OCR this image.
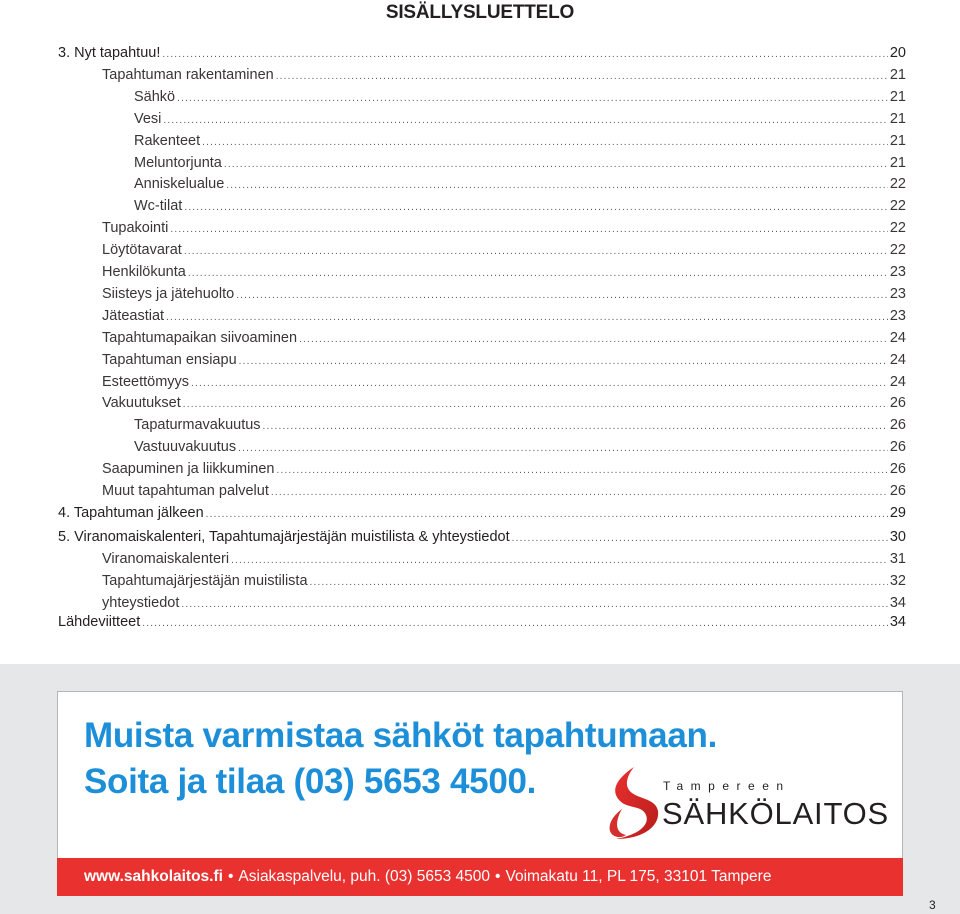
SISÄLLYSLUETTELO
3. Nyt tapahtuu! .....	20
Tapahtuman rakentaminen .....	21
Sähkö .....	21
Vesi .....	21
Rakenteet .....	21
Meluntorjunta .....	21
Anniskelualue .....	22
Wc-tilat .....	22
Tupakointi .....	22
Löytötavarat .....	22
Henkilökunta .....	23
Siisteys ja jätehuolto .....	23
Jäteastiat .....	23
Tapahtumapaikan siivoaminen .....	24
Tapahtuman ensiapu .....	24
Esteettömyys .....	24
Vakuutukset .....	26
Tapaturmavakuutus .....	26
Vastuuvakuutus .....	26
Saapuminen ja liikkuminen .....	26
Muut tapahtuman palvelut .....	26
4. Tapahtuman jälkeen .....	29
5. Viranomaiskalenteri, Tapahtumajärjestäjän muistilista & yhteystiedot .....	30
Viranomaiskalenteri .....	31
Tapahtumajärjestäjän muistilista .....	32
yhteystiedot .....	34
Lähdeviitteet .....	34
Muista varmistaa sähköt tapahtumaan.
Soita ja tilaa (03) 5653 4500.	Tampereen
SÄHKÖLAITOS
www.sahkolaitos.fi • Asiakaspalvelu, puh. (03) 5653 4500 • Voimakatu 11, PL 175, 33101 Tampere
3
